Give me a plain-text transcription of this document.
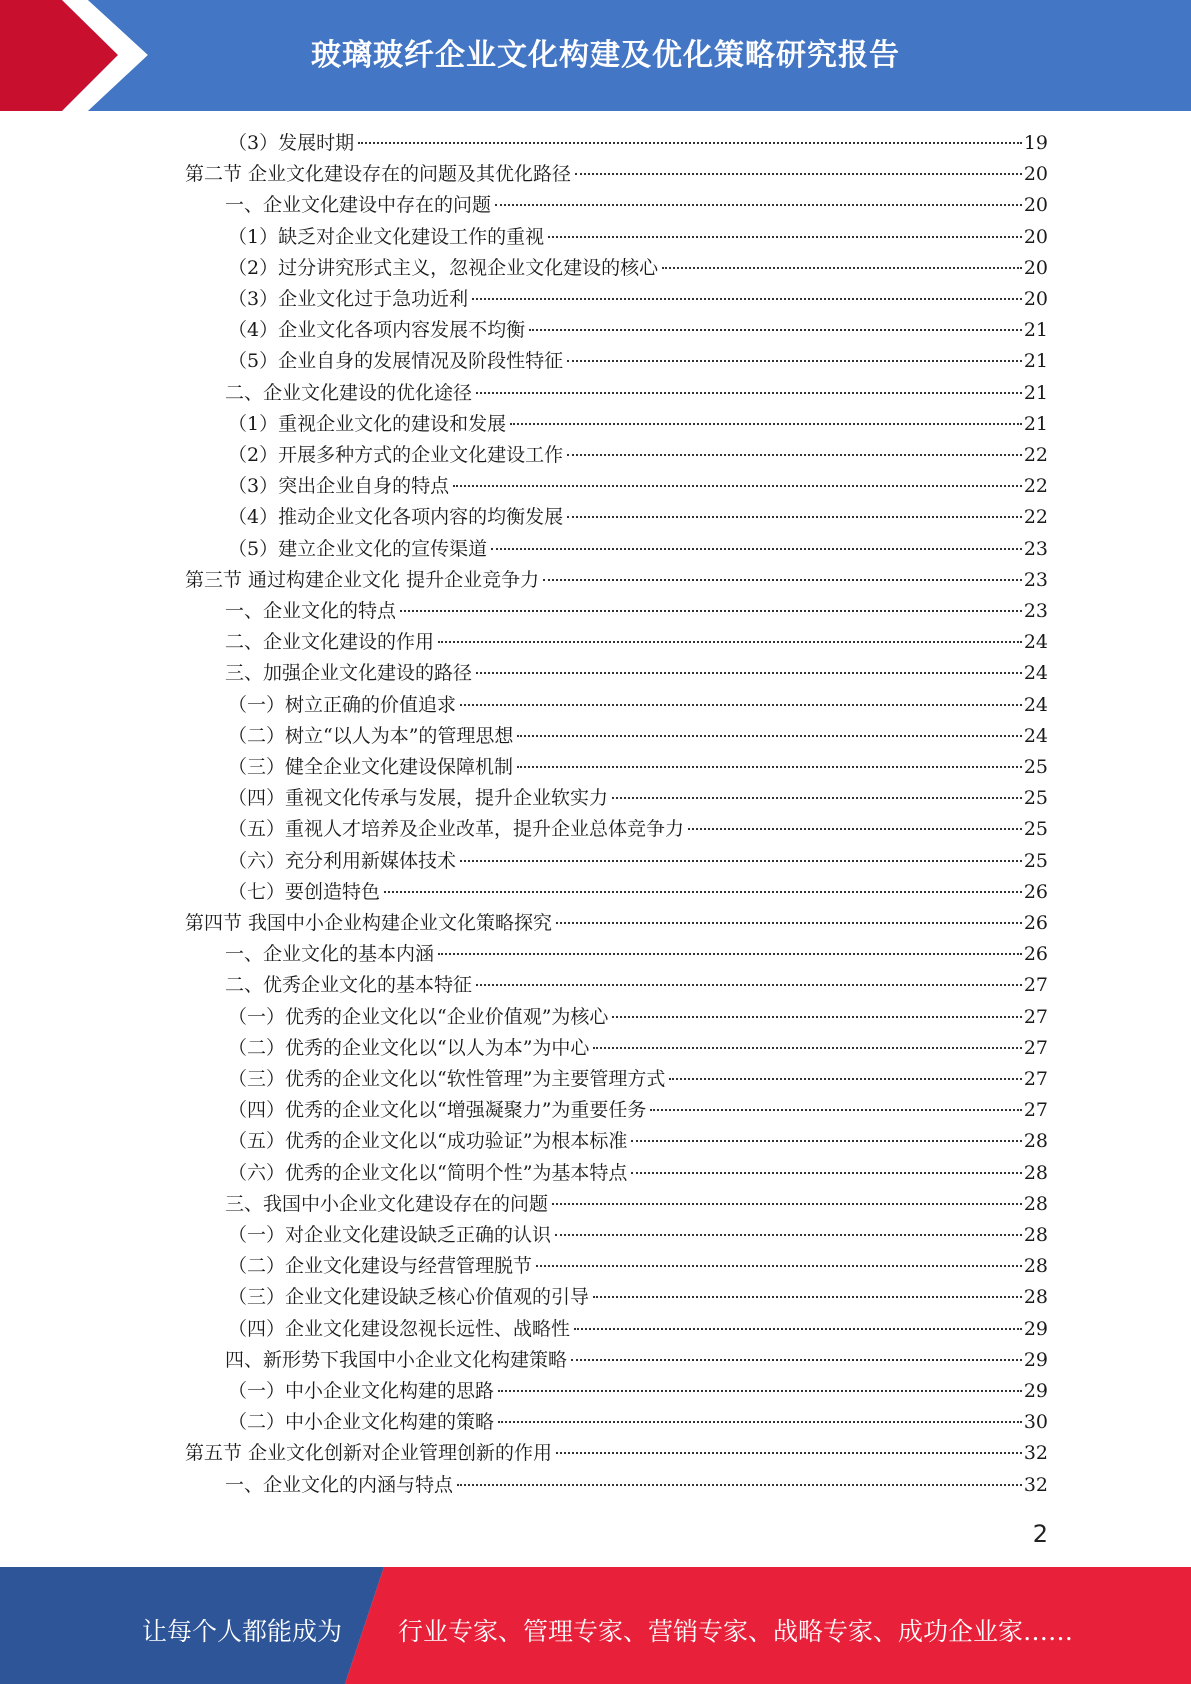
玻璃玻纤企业文化构建及优化策略研究报告
（3）发展时期	19
第二节 企业文化建设存在的问题及其优化路径	20
一、企业文化建设中存在的问题	20
（1）缺乏对企业文化建设工作的重视	20
（2）过分讲究形式主义，忽视企业文化建设的核心	20
（3）企业文化过于急功近利	20
（4）企业文化各项内容发展不均衡	21
（5）企业自身的发展情况及阶段性特征	21
二、企业文化建设的优化途径	21
（1）重视企业文化的建设和发展	21
（2）开展多种方式的企业文化建设工作	22
（3）突出企业自身的特点	22
（4）推动企业文化各项内容的均衡发展	22
（5）建立企业文化的宣传渠道	23
第三节 通过构建企业文化 提升企业竞争力	23
一、企业文化的特点	23
二、企业文化建设的作用	24
三、加强企业文化建设的路径	24
（一）树立正确的价值追求	24
（二）树立“以人为本”的管理思想	24
（三）健全企业文化建设保障机制	25
（四）重视文化传承与发展，提升企业软实力	25
（五）重视人才培养及企业改革，提升企业总体竞争力	25
（六）充分利用新媒体技术	25
（七）要创造特色	26
第四节 我国中小企业构建企业文化策略探究	26
一、企业文化的基本内涵	26
二、优秀企业文化的基本特征	27
（一）优秀的企业文化以“企业价值观”为核心	27
（二）优秀的企业文化以“以人为本”为中心	27
（三）优秀的企业文化以“软性管理”为主要管理方式	27
（四）优秀的企业文化以“增强凝聚力”为重要任务	27
（五）优秀的企业文化以“成功验证”为根本标准	28
（六）优秀的企业文化以“简明个性”为基本特点	28
三、我国中小企业文化建设存在的问题	28
（一）对企业文化建设缺乏正确的认识	28
（二）企业文化建设与经营管理脱节	28
（三）企业文化建设缺乏核心价值观的引导	28
（四）企业文化建设忽视长远性、战略性	29
四、新形势下我国中小企业文化构建策略	29
（一）中小企业文化构建的思路	29
（二）中小企业文化构建的策略	30
第五节 企业文化创新对企业管理创新的作用	32
一、企业文化的内涵与特点	32
2
让每个人都能成为 行业专家、管理专家、营销专家、战略专家、成功企业家……
